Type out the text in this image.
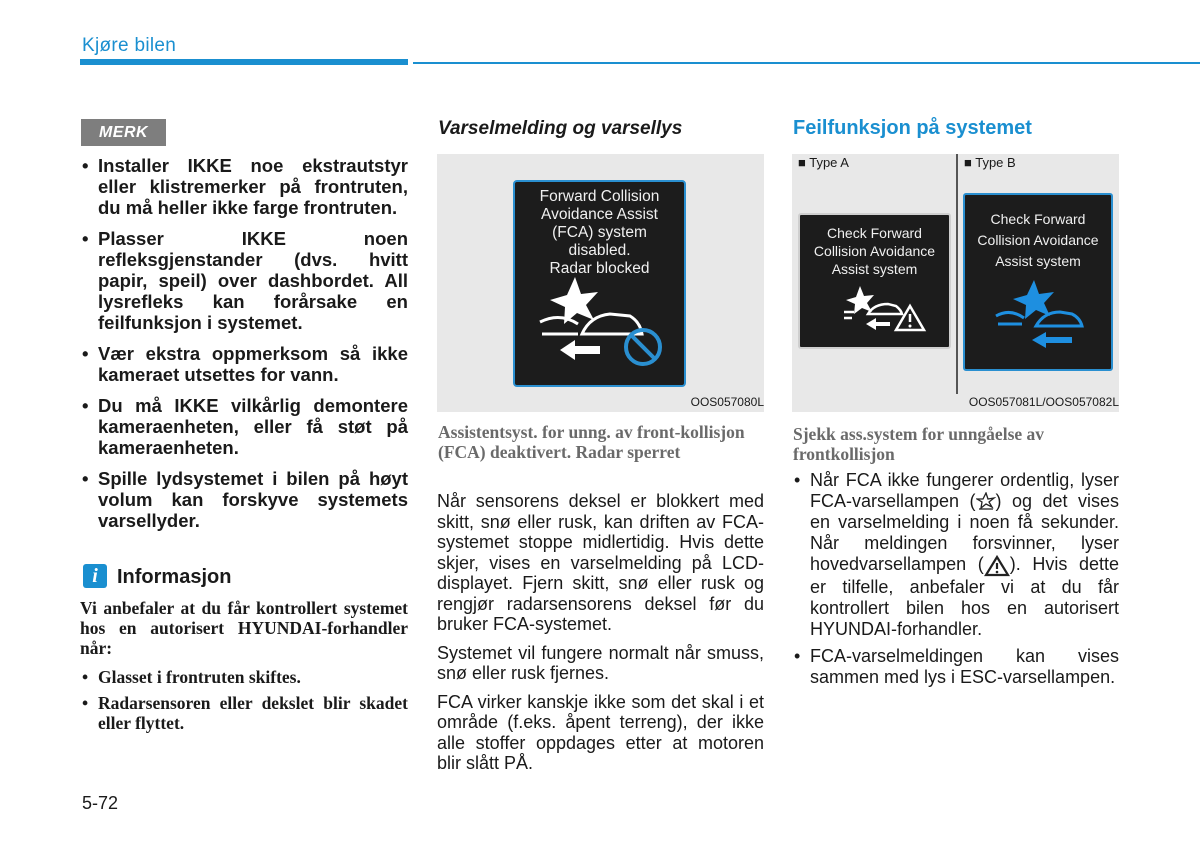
Kjøre bilen
MERK
• Installer IKKE noe ekstrautstyr eller klistremerker på frontruten, du må heller ikke farge frontruten.
• Plasser IKKE noen refleksgjenstander (dvs. hvitt papir, speil) over dashbordet. All lysrefleks kan forårsake en feilfunksjon i systemet.
• Vær ekstra oppmerksom så ikke kameraet utsettes for vann.
• Du må IKKE vilkårlig demontere kameraenheten, eller få støt på kameraenheten.
• Spille lydsystemet i bilen på høyt volum kan forskyve systemets varsellyder.
i Informasjon
Vi anbefaler at du får kontrollert systemet hos en autorisert HYUNDAI-forhandler når:
• Glasset i frontruten skiftes.
• Radarsensoren eller dekslet blir skadet eller flyttet.
5-72
Varselmelding og varsellys
Forward Collision
Avoidance Assist
(FCA) system
disabled.
Radar blocked
OOS057080L
Assistentsyst. for unng. av front-kollisjon (FCA) deaktivert. Radar sperret

Når sensorens deksel er blokkert med skitt, snø eller rusk, kan driften av FCA-systemet stoppe midlertidig. Hvis dette skjer, vises en varselmelding på LCD-displayet. Fjern skitt, snø eller rusk og rengjør radarsensorens deksel før du bruker FCA-systemet.

Systemet vil fungere normalt når smuss, snø eller rusk fjernes.

FCA virker kanskje ikke som det skal i et område (f.eks. åpent terreng), der ikke alle stoffer oppdages etter at motoren blir slått PÅ.

Feilfunksjon på systemet
■ Type A	■ Type B
Check Forward
Collision Avoidance
Assist system
Check Forward
Collision Avoidance
Assist system
OOS057081L/OOS057082L
Sjekk ass.system for unngåelse av frontkollisjon
• Når FCA ikke fungerer ordentlig, lyser FCA-varsellampen ( ) og det vises en varselmelding i noen få sekunder. Når meldingen forsvinner, lyser hovedvarsellampen ( ). Hvis dette er tilfelle, anbefaler vi at du får kontrollert bilen hos en autorisert HYUNDAI-forhandler.
• FCA-varselmeldingen kan vises sammen med lys i ESC-varsellampen.
